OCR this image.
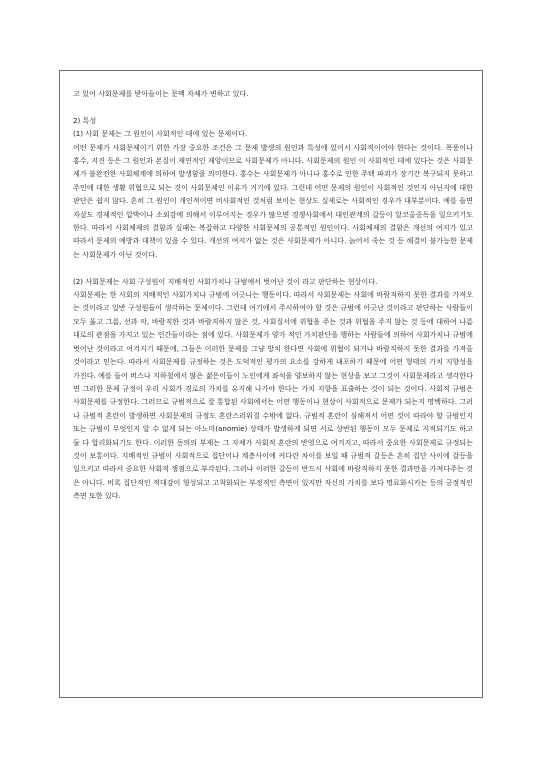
고 있어 사회문제를 받아들이는 문맥 자체가 변하고 있다.

2) 특성

(1) 사회 문제는 그 원인이 사회적인 데에 있는 문제이다.

어떤 문제가 사회문제이기 위한 가장 중요한 조건은 그 문제 발생의 원인과 특성에 있어서 사회적이어야 한다는 것이다. 폭풍이나 홍수, 지진 등은 그 원인과 본질이 재연적인 재앙이므로 사회문제가 아니다. 사회문제의 원인 이 사회적인 데에 있다는 것은 사회문제가 불완전한 사회체계에 의하여 발생함을 의미한다. 홍수는 사회문제가 아니나 홍수로 인한 주택 파괴가 장기간 복구되지 못하고 주민에 대한 생활 위협으로 되는 것이 사회문제인 이유가 거기에 있다. 그런데 어떤 문제의 원인이 사회적인 것인지 아닌지에 대한 판단은 쉽지 않다. 흔히 그 원인이 개인적이면 비사회적인 것처럼 보이는 현상도 실제로는 사회적인 경우가 대부분이다. 예를 들면 자살도 경제적인 압박이나 소외감에 의해서 이루어지는 경우가 많으면 경쟁사회에서 대인관계의 갈등이 알코올중독을 일으키기도 한다. 따라서 사회체제의 결함과 실패는 복잡하고 다양한 사회문제의 공통적인 원인이다. 사회체제의 결함은 개선의 여지가 있고 따라서 문제의 예방과 대책이 있을 수 있다. 개선의 여지가 없는 것은 사회문제가 아니다. 늙어서 죽는 것 등 해결이 불가능한 문제는 사회문제가 아닌 것이다.

(2) 사회문제는 사회 구성원이 지배적인 사회가치나 규범에서 벗어난 것이 라고 판단하는 현상이다.

사회문제는 한 사회의 지배적인 사회가치나 규범에 어긋나는 행동이다. 따라서 사회문제는 사회에 바람직하지 못한 결과를 가져오는 것이라고 일반 구성원들이 생각하는 문제이다. 그런데 여기에서 주시하여야 할 것은 규범에 어긋난 것이라고 판단하는 사람들이 모두 옳고 그름, 선과 악, 바람직한 것과 바람직하지 않은 것, 사회질서에 위협을 주는 것과 위협을 주지 않는 것 등에 대하여 나름대로의 관점을 가지고 있는 인간들이라는 점에 있다. 사회문제가 양가 적인 가치판단을 행하는 사람들에 의하여 사회가치나 규범에 벗어난 것이라고 여겨지기 때문에, 그들은 이러한 문제를 그냥 방치 한다면 사회에 위협이 되거나 바람직하지 못한 결과를 가져올 것이라고 믿는다. 따라서 사회문제를 규정하는 것은 도덕적인 평가의 요소를 강하게 내포하기 때문에 어떤 형태의 가치 지향성을 가진다. 예를 들어 버스나 지하철에서 많은 젊은이들이 노인에게 좌석을 양보하지 않는 현상을 보고 그것이 사회문제라고 생각한다면 그러한 문제 규정이 우리 사회가 경로의 가치를 유지해 나가야 한다는 가치 지향을 표출하는 것이 되는 것이다. 사회적 규범은 사회문제를 규정한다. 그러므로 규범적으로 잘 통합된 사회에서는 어떤 행동이나 현상이 사회적으로 문제가 되는지 명백하다. 그러나 규범적 혼란이 발생하면 사회문제의 규정도 혼란스러워질 수밖에 없다. 규범적 혼란이 심해져서 어떤 것이 따라야 할 규범인지 또는 규범이 무엇인지 알 수 없게 되는 아노미(anomie) 상태가 발생하게 되면 서로 상반된 행동이 모두 문제로 지적되기도 하고 둘 다 합리화되기도 한다. 이러한 동의의 부재는 그 자체가 사회적 혼란의 반영으로 여겨지고, 따라서 중요한 사회문제로 규정되는 것이 보통이다. 지배적인 규범이 사회적으로 집단이나 계층사이에 커다란 차이를 보일 때 규범적 갈등은 흔히 집단 사이에 갈등을 일으키고 따라서 중요한 사회적 쟁점으로 부각된다. 그러나 이러한 갈등이 반드시 사회에 바람직하지 못한 결과만을 가져다주는 것은 아니다. 비록 집단적인 적대감이 형성되고 고착화되는 부정적인 측면이 있지만 자신의 가치를 보다 명료화시키는 등의 긍정적인 측면 또한 있다.
